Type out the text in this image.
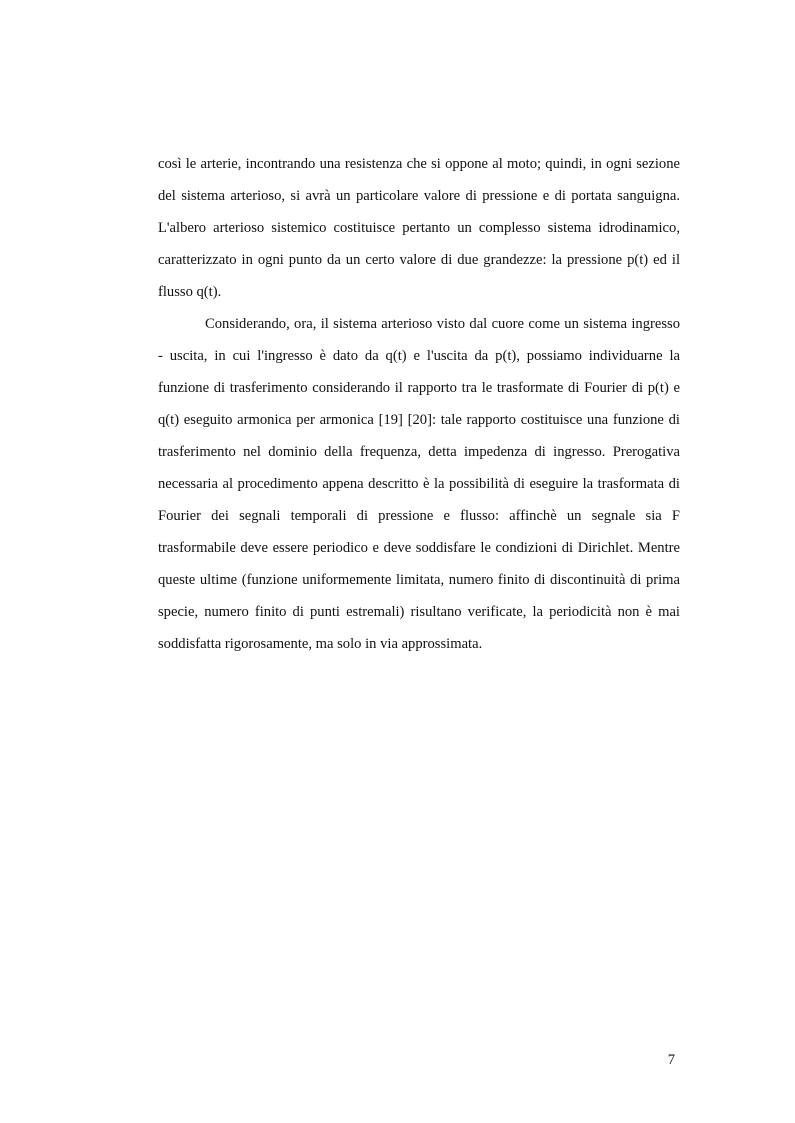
così le arterie, incontrando una resistenza che si oppone al moto; quindi, in ogni sezione del sistema arterioso, si avrà un particolare valore di pressione e di portata sanguigna. L'albero arterioso sistemico costituisce pertanto un complesso sistema idrodinamico, caratterizzato in ogni punto da un certo valore di due grandezze: la pressione p(t) ed il flusso q(t).

Considerando, ora, il sistema arterioso visto dal cuore come un sistema ingresso - uscita, in cui l'ingresso è dato da q(t) e l'uscita da p(t), possiamo individuarne la funzione di trasferimento considerando il rapporto tra le trasformate di Fourier di p(t) e q(t) eseguito armonica per armonica [19] [20]: tale rapporto costituisce una funzione di trasferimento nel dominio della frequenza, detta impedenza di ingresso. Prerogativa necessaria al procedimento appena descritto è la possibilità di eseguire la trasformata di Fourier dei segnali temporali di pressione e flusso: affinchè un segnale sia F trasformabile deve essere periodico e deve soddisfare le condizioni di Dirichlet. Mentre queste ultime (funzione uniformemente limitata, numero finito di discontinuità di prima specie, numero finito di punti estremali) risultano verificate, la periodicità non è mai soddisfatta rigorosamente, ma solo in via approssimata.

7
